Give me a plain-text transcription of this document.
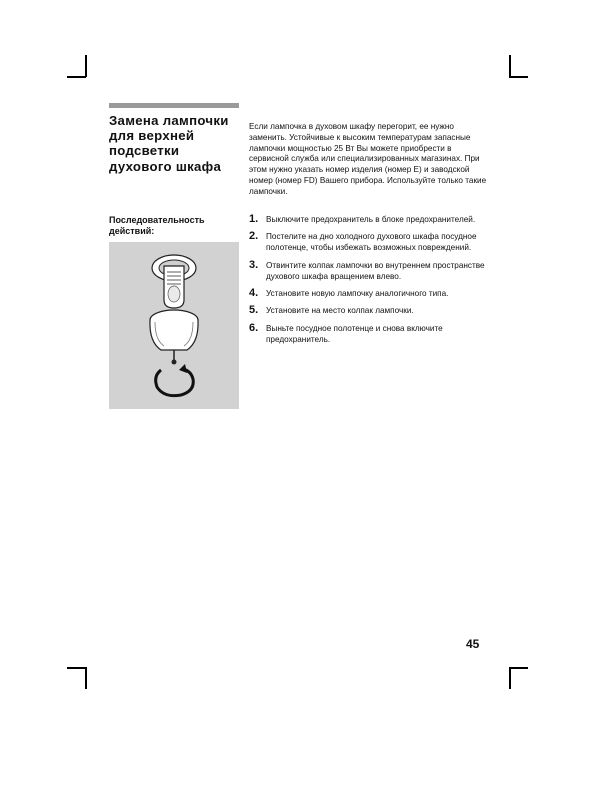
Замена лампочки для верхней подсветки духового шкафа
Последовательность действий:

Если лампочка в духовом шкафу перегорит, ее нужно заменить. Устойчивые к высоким температурам запасные лампочки мощностью 25 Вт Вы можете приобрести в сервисной служба или специализированных магазинах. При этом нужно указать номер изделия (номер E) и заводской номер (номер FD) Вашего прибора. Используйте только такие лампочки.

1. Выключите предохранитель в блоке предохранителей.
2. Постелите на дно холодного духового шкафа посудное полотенце, чтобы избежать возможных повреждений.
3. Отвинтите колпак лампочки во внутреннем пространстве духового шкафа вращением влево.
4. Установите новую лампочку аналогичного типа.
5. Установите на место колпак лампочки.
6. Выньте посудное полотенце и снова включите предохранитель.
45
